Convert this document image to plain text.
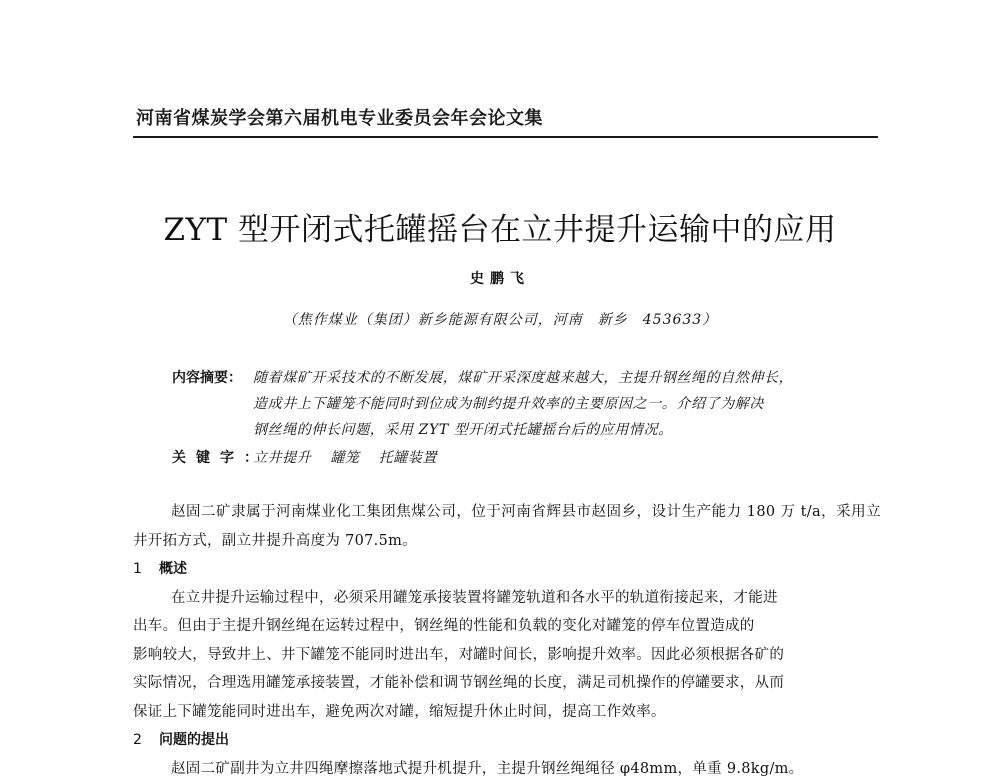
河南省煤炭学会第六届机电专业委员会年会论文集
ZYT 型开闭式托罐摇台在立井提升运输中的应用
史鹏飞
（焦作煤业（集团）新乡能源有限公司，河南　新乡　453633）
内容摘要： 随着煤矿开采技术的不断发展，煤矿开采深度越来越大，主提升钢丝绳的自然伸长，
造成井上下罐笼不能同时到位成为制约提升效率的主要原因之一。介绍了为解决
钢丝绳的伸长问题，采用 ZYT 型开闭式托罐摇台后的应用情况。
关键字：
立井提升 罐笼 托罐装置

赵固二矿隶属于河南煤业化工集团焦煤公司，位于河南省辉县市赵固乡，设计生产能力 180 万 t/a，采用立井开拓方式，副立井提升高度为 707.5m。

1 概述
在立井提升运输过程中，必须采用罐笼承接装置将罐笼轨道和各水平的轨道衔接起来，才能进
出车。但由于主提升钢丝绳在运转过程中，钢丝绳的性能和负载的变化对罐笼的停车位置造成的
影响较大，导致井上、井下罐笼不能同时进出车，对罐时间长，影响提升效率。因此必须根据各矿的
实际情况，合理选用罐笼承接装置，才能补偿和调节钢丝绳的长度，满足司机操作的停罐要求，从而
保证上下罐笼能同时进出车，避免两次对罐，缩短提升休止时间，提高工作效率。
2 问题的提出
赵固二矿副井为立井四绳摩擦落地式提升机提升，主提升钢丝绳绳径 φ48mm，单重 9.8kg/m。
